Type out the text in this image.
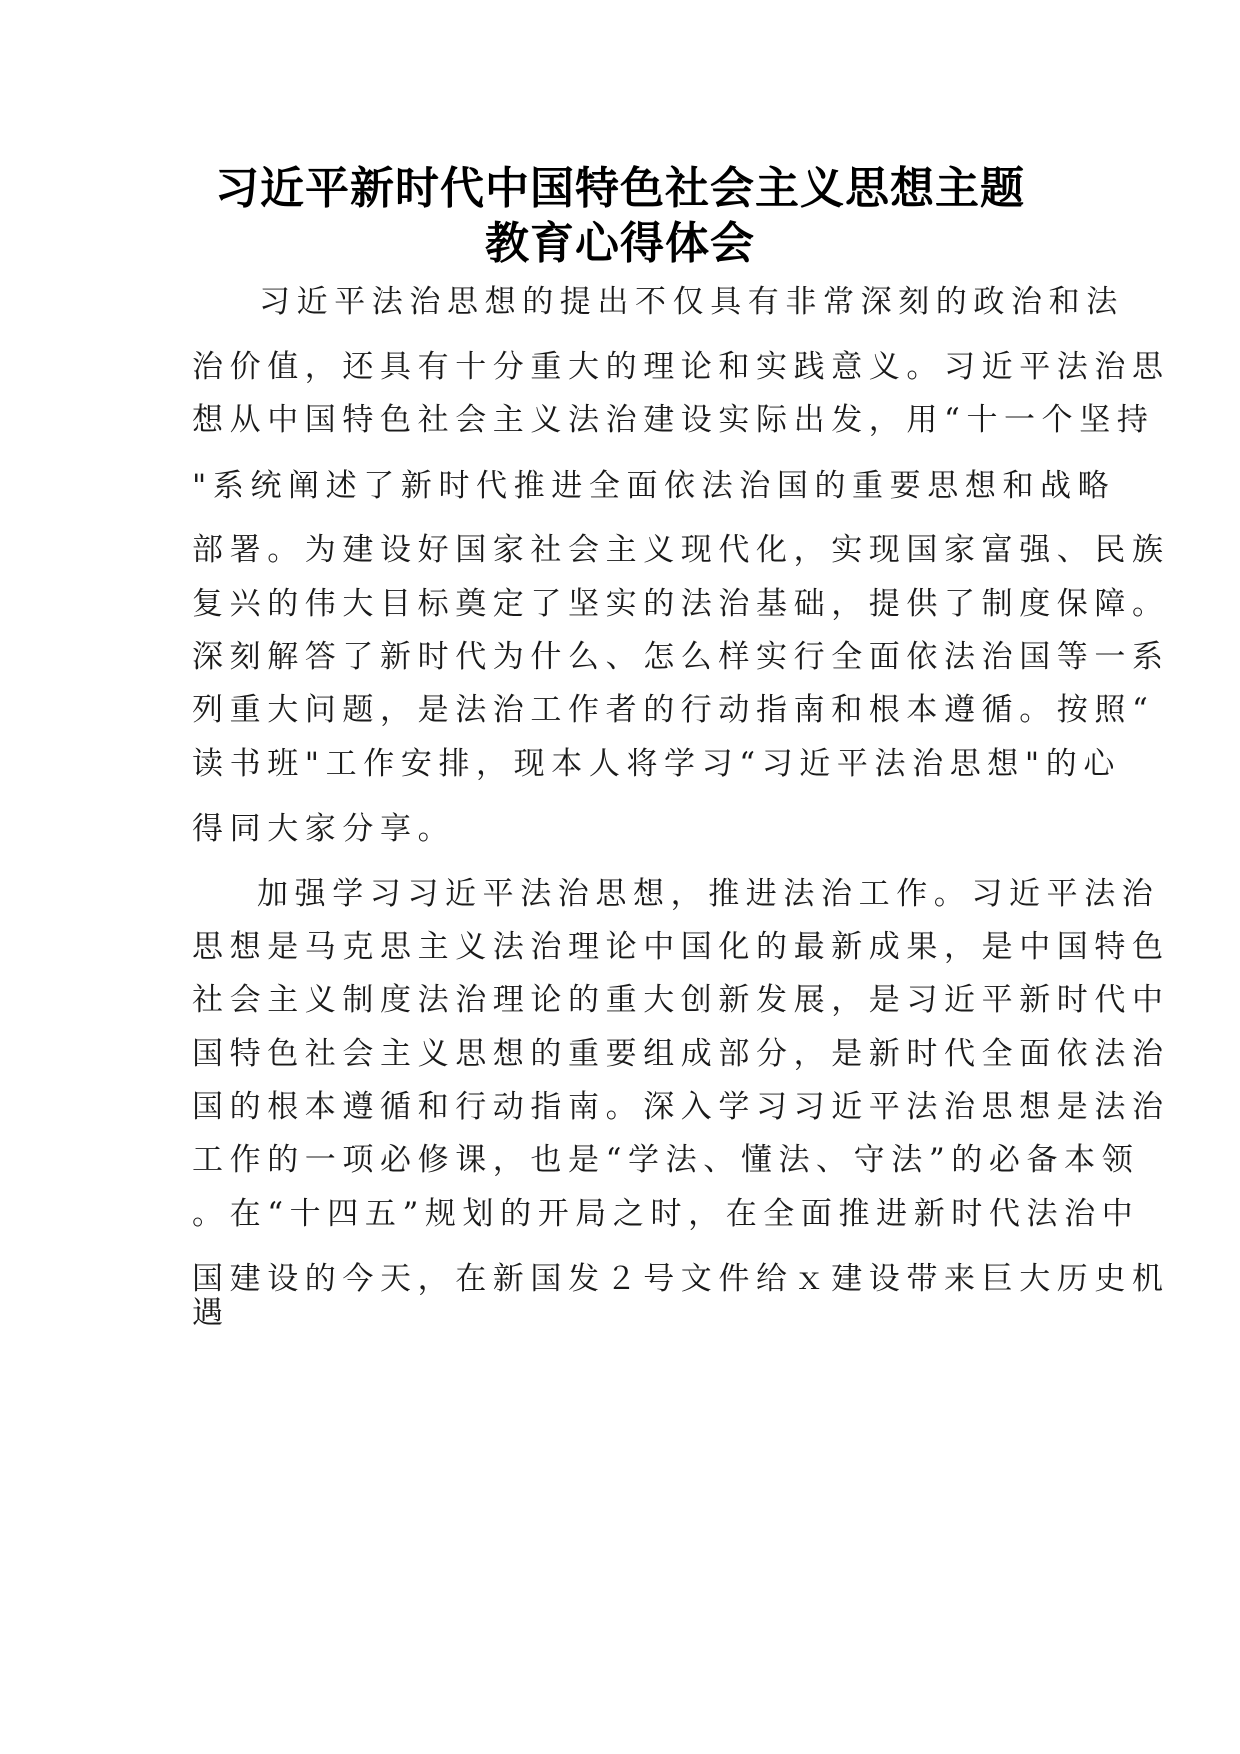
习近平新时代中国特色社会主义思想主题
教育心得体会
习近平法治思想的提出不仅具有非常深刻的政治和法
治价值，还具有十分重大的理论和实践意义。习近平法治思
想从中国特色社会主义法治建设实际出发，用“十一个坚持
"系统阐述了新时代推进全面依法治国的重要思想和战略
部署。为建设好国家社会主义现代化，实现国家富强、民族
复兴的伟大目标奠定了坚实的法治基础，提供了制度保障。
深刻解答了新时代为什么、怎么样实行全面依法治国等一系
列重大问题，是法治工作者的行动指南和根本遵循。按照“
读书班"工作安排，现本人将学习“习近平法治思想"的心
得同大家分享。
加强学习习近平法治思想，推进法治工作。习近平法治
思想是马克思主义法治理论中国化的最新成果，是中国特色
社会主义制度法治理论的重大创新发展，是习近平新时代中
国特色社会主义思想的重要组成部分，是新时代全面依法治
国的根本遵循和行动指南。深入学习习近平法治思想是法治
工作的一项必修课，也是“学法、懂法、守法”的必备本领
。在“十四五”规划的开局之时，在全面推进新时代法治中
国建设的今天，在新国发２号文件给ｘ建设带来巨大历史机
遇
